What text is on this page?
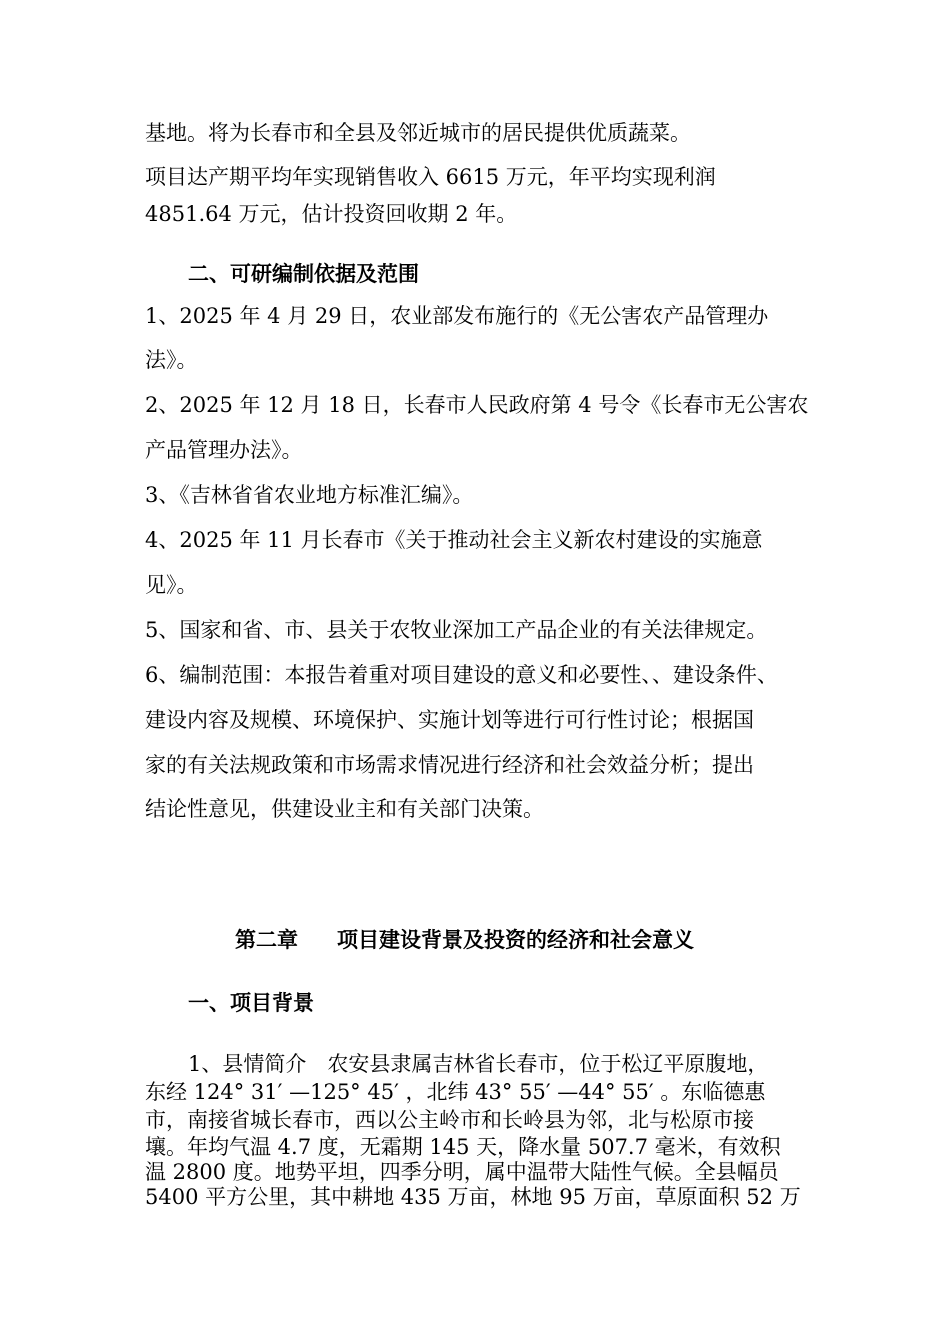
基地。将为长春市和全县及邻近城市的居民提供优质蔬菜。
项目达产期平均年实现销售收入 6615 万元，年平均实现利润
4851.64 万元，估计投资回收期 2 年。
二、可研编制依据及范围
1、2025 年 4 月 29 日，农业部发布施行的《无公害农产品管理办
法》。
2、2025 年 12 月 18 日，长春市人民政府第 4 号令《长春市无公害农
产品管理办法》。
3、《吉林省省农业地方标准汇编》。
4、2025 年 11 月长春市《关于推动社会主义新农村建设的实施意
见》。
5、国家和省、市、县关于农牧业深加工产品企业的有关法律规定。
6、编制范围：本报告着重对项目建设的意义和必要性、、建设条件、
建设内容及规模、环境保护、实施计划等进行可行性讨论；根据国
家的有关法规政策和市场需求情况进行经济和社会效益分析；提出
结论性意见，供建设业主和有关部门决策。
第二章 项目建设背景及投资的经济和社会意义
一、项目背景
1、县情简介　农安县隶属吉林省长春市，位于松辽平原腹地，
东经 124° 31′ —125° 45′ ，北纬 43° 55′ —44° 55′ 。东临德惠
市，南接省城长春市，西以公主岭市和长岭县为邻，北与松原市接
壤。年均气温 4.7 度，无霜期 145 天，降水量 507.7 毫米，有效积
温 2800 度。地势平坦，四季分明，属中温带大陆性气候。全县幅员
5400 平方公里，其中耕地 435 万亩，林地 95 万亩，草原面积 52 万
